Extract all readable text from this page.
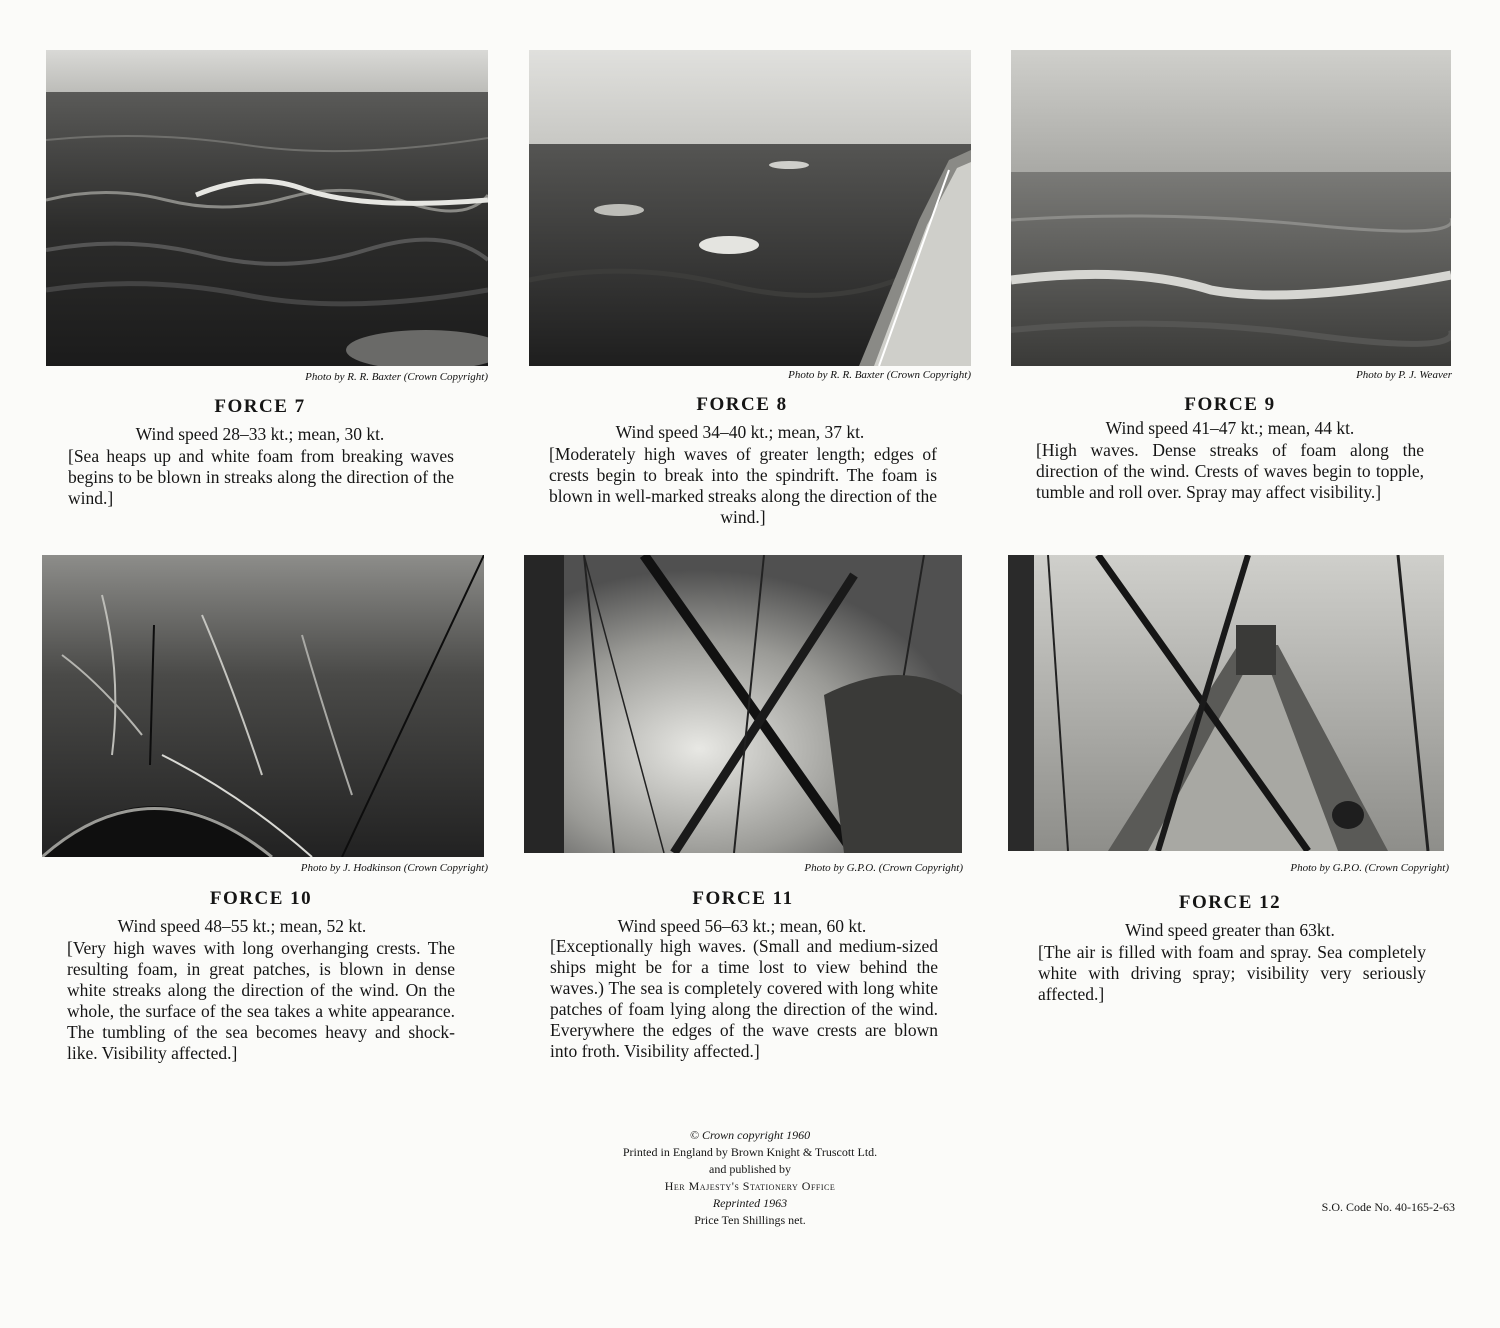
Photo by R. R. Baxter (Crown Copyright)	Photo by R. R. Baxter (Crown Copyright)	Photo by P. J. Weaver
FORCE 7	FORCE 8	FORCE 9
Wind speed 28–33 kt.; mean, 30 kt.	Wind speed 34–40 kt.; mean, 37 kt.	Wind speed 41–47 kt.; mean, 44 kt.
[Sea heaps up and white foam from breaking waves begins to be blown in streaks along the direction of the wind.]
[Moderately high waves of greater length; edges of crests begin to break into the spindrift. The foam is blown in well-marked streaks along the direction of the wind.]
[High waves. Dense streaks of foam along the direction of the wind. Crests of waves begin to topple, tumble and roll over. Spray may affect visibility.]
Photo by J. Hodkinson (Crown Copyright)	Photo by G.P.O. (Crown Copyright)	Photo by G.P.O. (Crown Copyright)
FORCE 10	FORCE 11	FORCE 12
Wind speed 48–55 kt.; mean, 52 kt.	Wind speed 56–63 kt.; mean, 60 kt.	Wind speed greater than 63kt.
[Very high waves with long overhanging crests. The resulting foam, in great patches, is blown in dense white streaks along the direction of the wind. On the whole, the surface of the sea takes a white appearance. The tumbling of the sea becomes heavy and shock-like. Visibility affected.]
[Exceptionally high waves. (Small and medium-sized ships might be for a time lost to view behind the waves.) The sea is completely covered with long white patches of foam lying along the direction of the wind. Everywhere the edges of the wave crests are blown into froth. Visibility affected.]
[The air is filled with foam and spray. Sea completely white with driving spray; visibility very seriously affected.]
© Crown copyright 1960
Printed in England by Brown Knight & Truscott Ltd.
and published by
Her Majesty's Stationery Office
Reprinted 1963
Price Ten Shillings net.
S.O. Code No. 40-165-2-63
